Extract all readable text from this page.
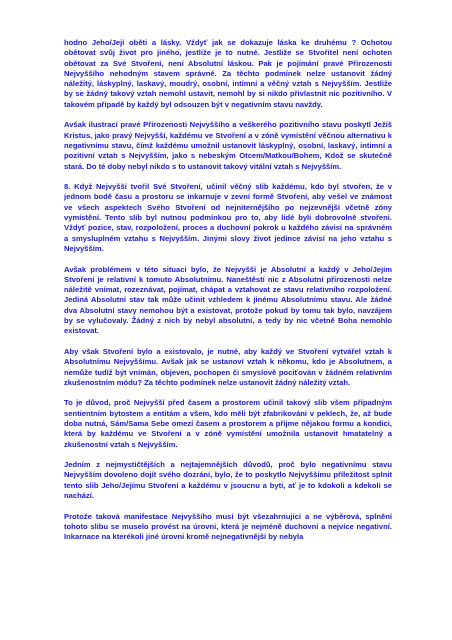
hodno Jeho/Její oběti a lásky. Vždyť jak se dokazuje láska ke druhému ? Ochotou obětovat svůj život pro jiného, jestliže je to nutné. Jestliže se Stvořitel není ochoten obětovat za Své Stvoření, není Absolutní láskou. Pak je pojímání pravé Přirozenosti Nejvyššího nehodným stavem správné. Za těchto podmínek nelze ustanovit žádný náležitý, láskyplný, laskavý, moudrý, osobní, intimní a věčný vztah s Nejvyšším. Jestliže by se žádný takový vztah nemohl ustavit, nemohl by si nikdo přivlastnit nic pozitivního. V takovém případě by každý byl odsouzen být v negativním stavu navždy.

Avšak ilustrací pravé Přirozenosti Nejvyššího a veškerého pozitivního stavu poskytl Ježíš Kristus, jako pravý Nejvyšší, každému ve Stvoření a v zóně vymístění věčnou alternativu k negativnímu stavu, čímž každému umožnil ustanovit láskyplný, osobní, laskavý, intimní a pozitivní vztah s Nejvyšším, jako s nebeským Otcem/Matkou/Bohem, Kdož se skutečně stará. Do té doby nebyl nikdo s to ustanovit takový vitální vztah s Nejvyšším.

8. Když Nejvyšší tvořil Své Stvoření, učinil věčný slib každému, kdo byl stvořen, že v jednom bodě času a prostoru se inkarnuje v zevní formě Stvoření, aby vešel ve známost ve všech aspektech Svého Stvoření od nejniternějšího po nejzevnější včetně zóny vymístění. Tento slib byl nutnou podmínkou pro to, aby lidé byli dobrovolně stvořeni. Vždyť pozice, stav, rozpoložení, proces a duchovní pokrok u každého závisí na správném a smysluplném vztahu s Nejvyšším. Jinými slovy život jedince závisí na jeho vztahu s Nejvyšším.

Avšak problémem v této situaci bylo, že Nejvyšší je Absolutní a každý v Jeho/Jejím Stvoření je relativní k tomuto Absolutnímu. Naneštěstí nic z Absolutní přirozenosti nelze náležitě vnímat, rozeznávat, pojímat, chápat a vztahovat ze stavu relativního rozpoložení. Jediná Absolutní stav tak může učinit vzhledem k jinému Absolutnímu stavu. Ale žádné dva Absolutní stavy nemohou být a existovat, protože pokud by tomu tak bylo, navzájem by se vylučovaly. Žádný z nich by nebyl absolutní, a tedy by nic včetně Boha nemohlo existovat.

Aby však Stvoření bylo a existovalo, je nutné, aby každý ve Stvoření vytvářel vztah k Absolutnímu Nejvyššímu. Avšak jak se ustanoví vztah k někomu, kdo je Absolutnem, a nemůže tudíž být vnímán, objeven, pochopen či smyslově pociťován v žádném relativním zkušenostním módu? Za těchto podmínek nelze ustanovit žádný náležitý vztah.

To je důvod, proč Nejvyšší před časem a prostorem učinil takový slib všem případným sentientním bytostem a entitám a všem, kdo měli být zfabrikováni v peklech, že, až bude doba nutná, Sám/Sama Sebe omezí časem a prostorem a přijme nějakou formu a kondici, která by každému ve Stvoření a v zóně vymístění umožnila ustanovit hmatatelný a zkušenostní vztah s Nejvyšším.

Jedním z nejmystičtějších a nejtajemnějších důvodů, proč bylo negativnímu stavu Nejvyšším dovoleno dojít svého dozrání, bylo, že to poskytlo Nejvyššímu příležitost splnit tento slib Jeho/Jejímu Stvoření a každému v jsoucnu a bytí, ať je to kdokoli a kdekoli se nachází.

Protože taková manifestace Nejvyššího musí být všezahrnující a ne výběrová, splnění tohoto slibu se muselo provést na úrovni, která je nejméně duchovní a nejvíce negativní. Inkarnace na kterékoli jiné úrovni kromě nejnegativnější by nebyla
